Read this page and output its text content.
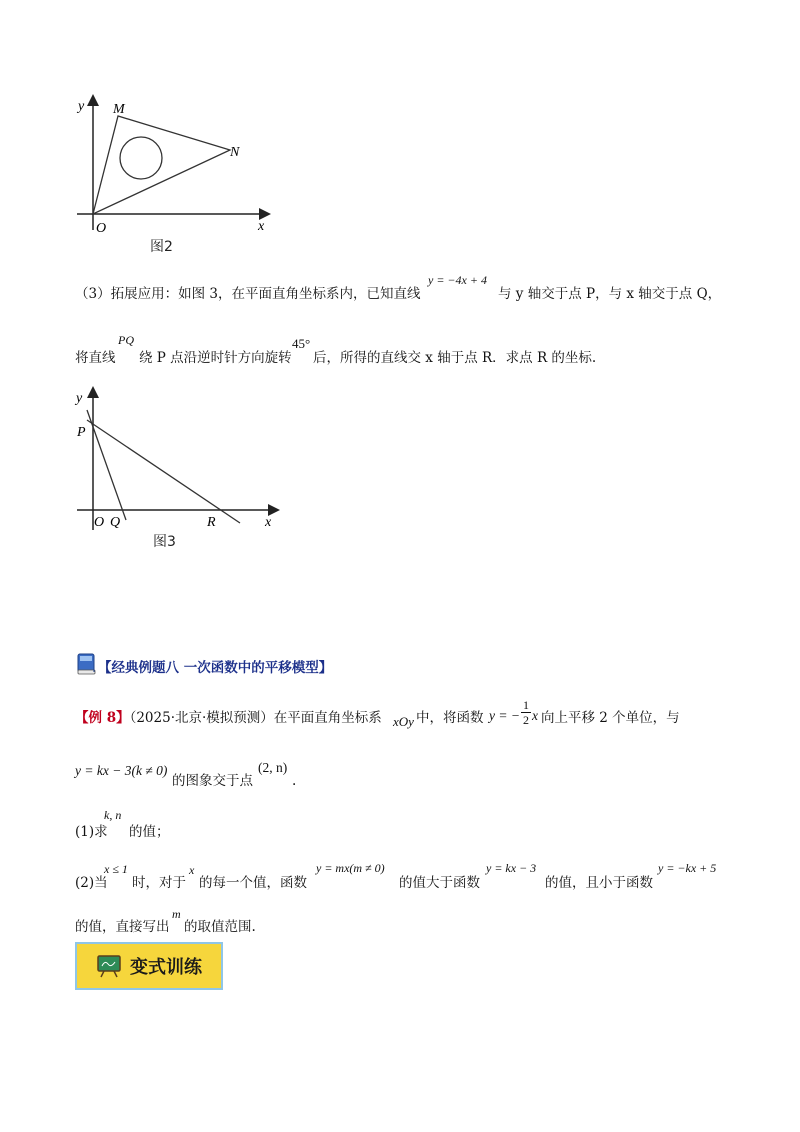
y M
N
O	x
图2
（3）拓展应用：如图 3，在平面直角坐标系内，已知直线
y = −4x + 4
与 y 轴交于点 P，与 x 轴交于点 Q，
将直线
PQ
绕 P 点沿逆时针方向旋转
45°
后，所得的直线交 x 轴于点 R．求点 R 的坐标.
y
P
O Q	R	x
图3
【经典例题八 一次函数中的平移模型】
【例 8】（2025·北京·模拟预测）在平面直角坐标系 xOy 中，将函数 y = −
1
2 x 向上平移 2 个单位，与
y = kx − 3(k ≠ 0)
的图象交于点
(2, n)
.
(1)求
k, n
的值；
(2)当
x ≤ 1
时，对于
x
的每一个值，函数
y = mx(m ≠ 0)
的值大于函数
y = kx − 3
的值，且小于函数
y = −kx + 5
的值，直接写出
m
的取值范围.
变式训练
